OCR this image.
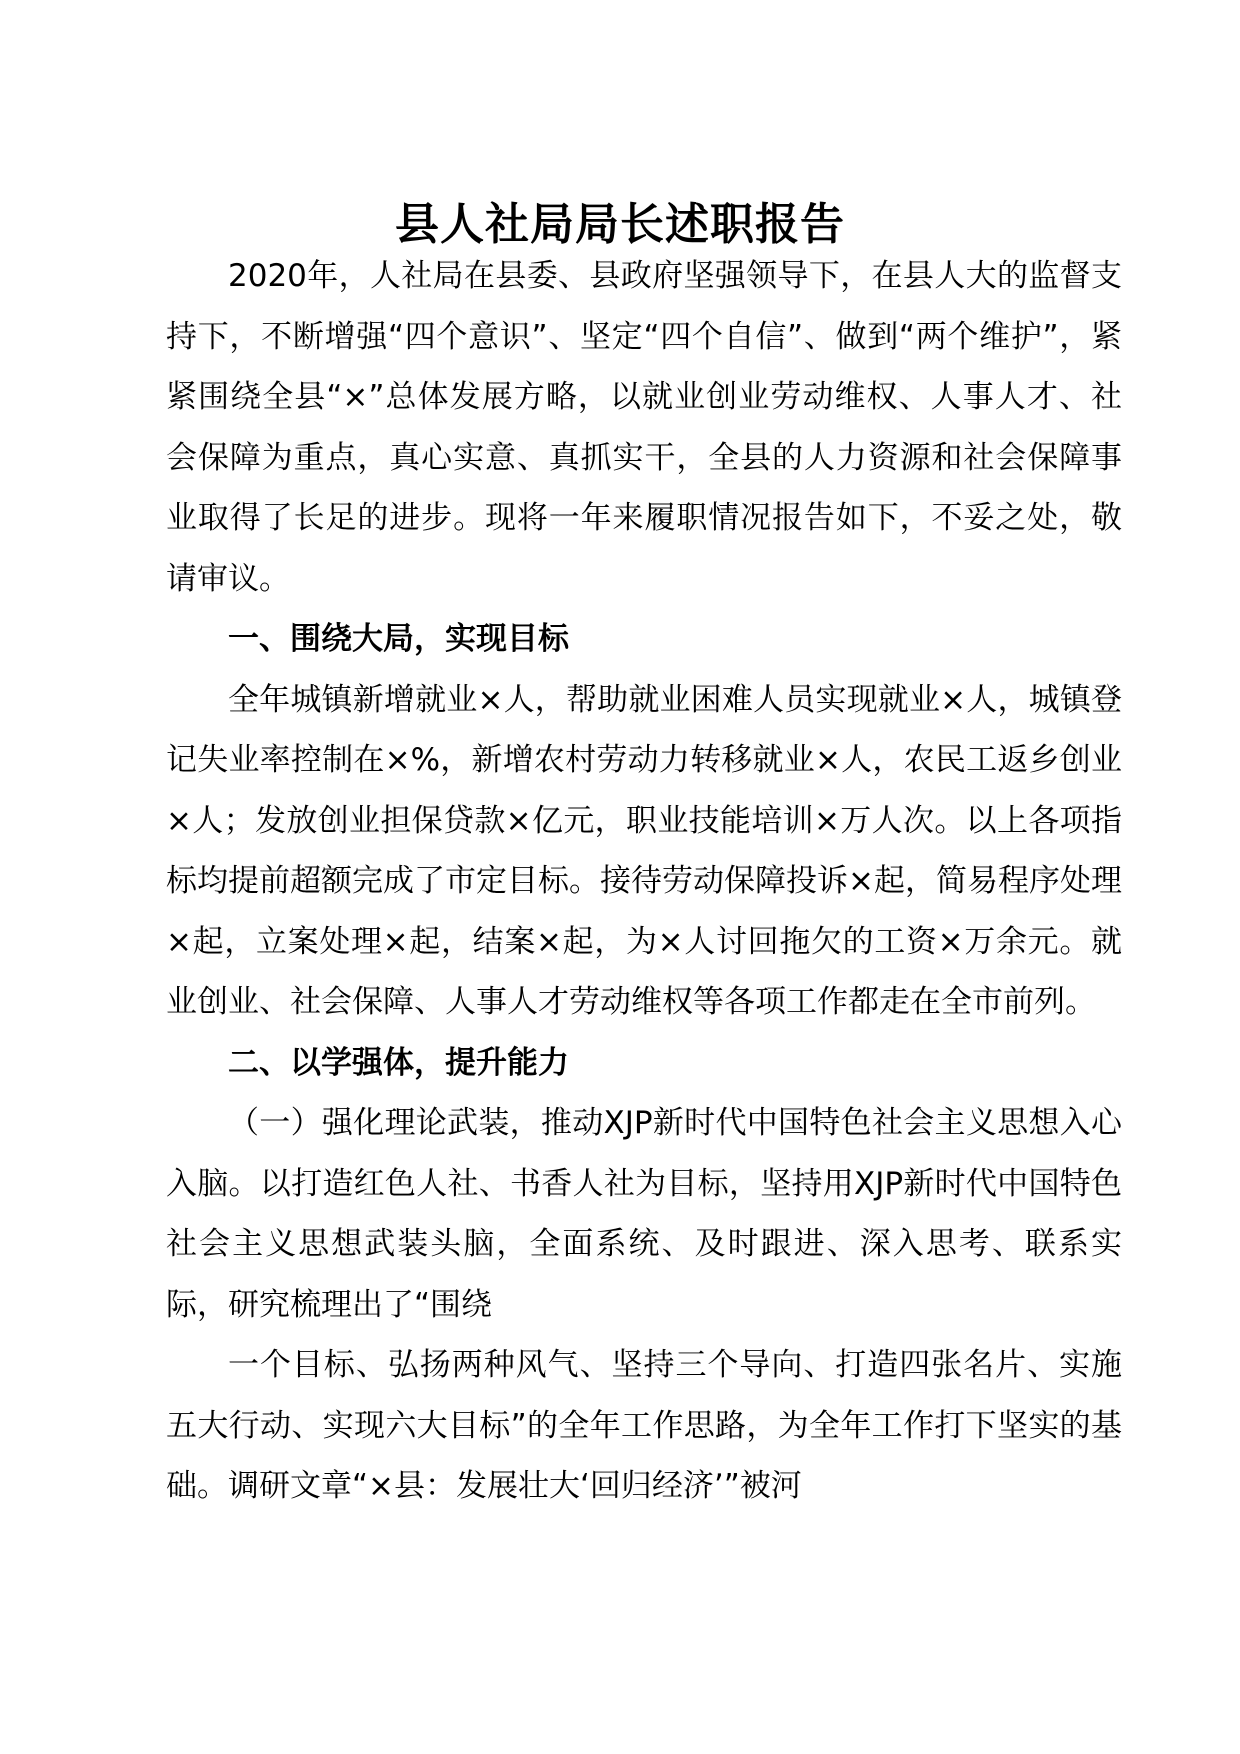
县人社局局长述职报告

2020年，人社局在县委、县政府坚强领导下，在县人大的监督支持下，不断增强“四个意识”、坚定“四个自信”、做到“两个维护”，紧紧围绕全县“×”总体发展方略，以就业创业劳动维权、人事人才、社会保障为重点，真心实意、真抓实干，全县的人力资源和社会保障事业取得了长足的进步。现将一年来履职情况报告如下，不妥之处，敬请审议。

一、围绕大局，实现目标

全年城镇新增就业×人，帮助就业困难人员实现就业×人，城镇登记失业率控制在×%，新增农村劳动力转移就业×人，农民工返乡创业×人；发放创业担保贷款×亿元，职业技能培训×万人次。以上各项指标均提前超额完成了市定目标。接待劳动保障投诉×起，简易程序处理×起，立案处理×起，结案×起，为×人讨回拖欠的工资×万余元。就业创业、社会保障、人事人才劳动维权等各项工作都走在全市前列。

二、以学强体，提升能力

（一）强化理论武装，推动XJP新时代中国特色社会主义思想入心入脑。以打造红色人社、书香人社为目标，坚持用XJP新时代中国特色社会主义思想武装头脑，全面系统、及时跟进、深入思考、联系实际，研究梳理出了“围绕

一个目标、弘扬两种风气、坚持三个导向、打造四张名片、实施五大行动、实现六大目标”的全年工作思路，为全年工作打下坚实的基础。调研文章“×县：发展壮大‘回归经济’”被河
